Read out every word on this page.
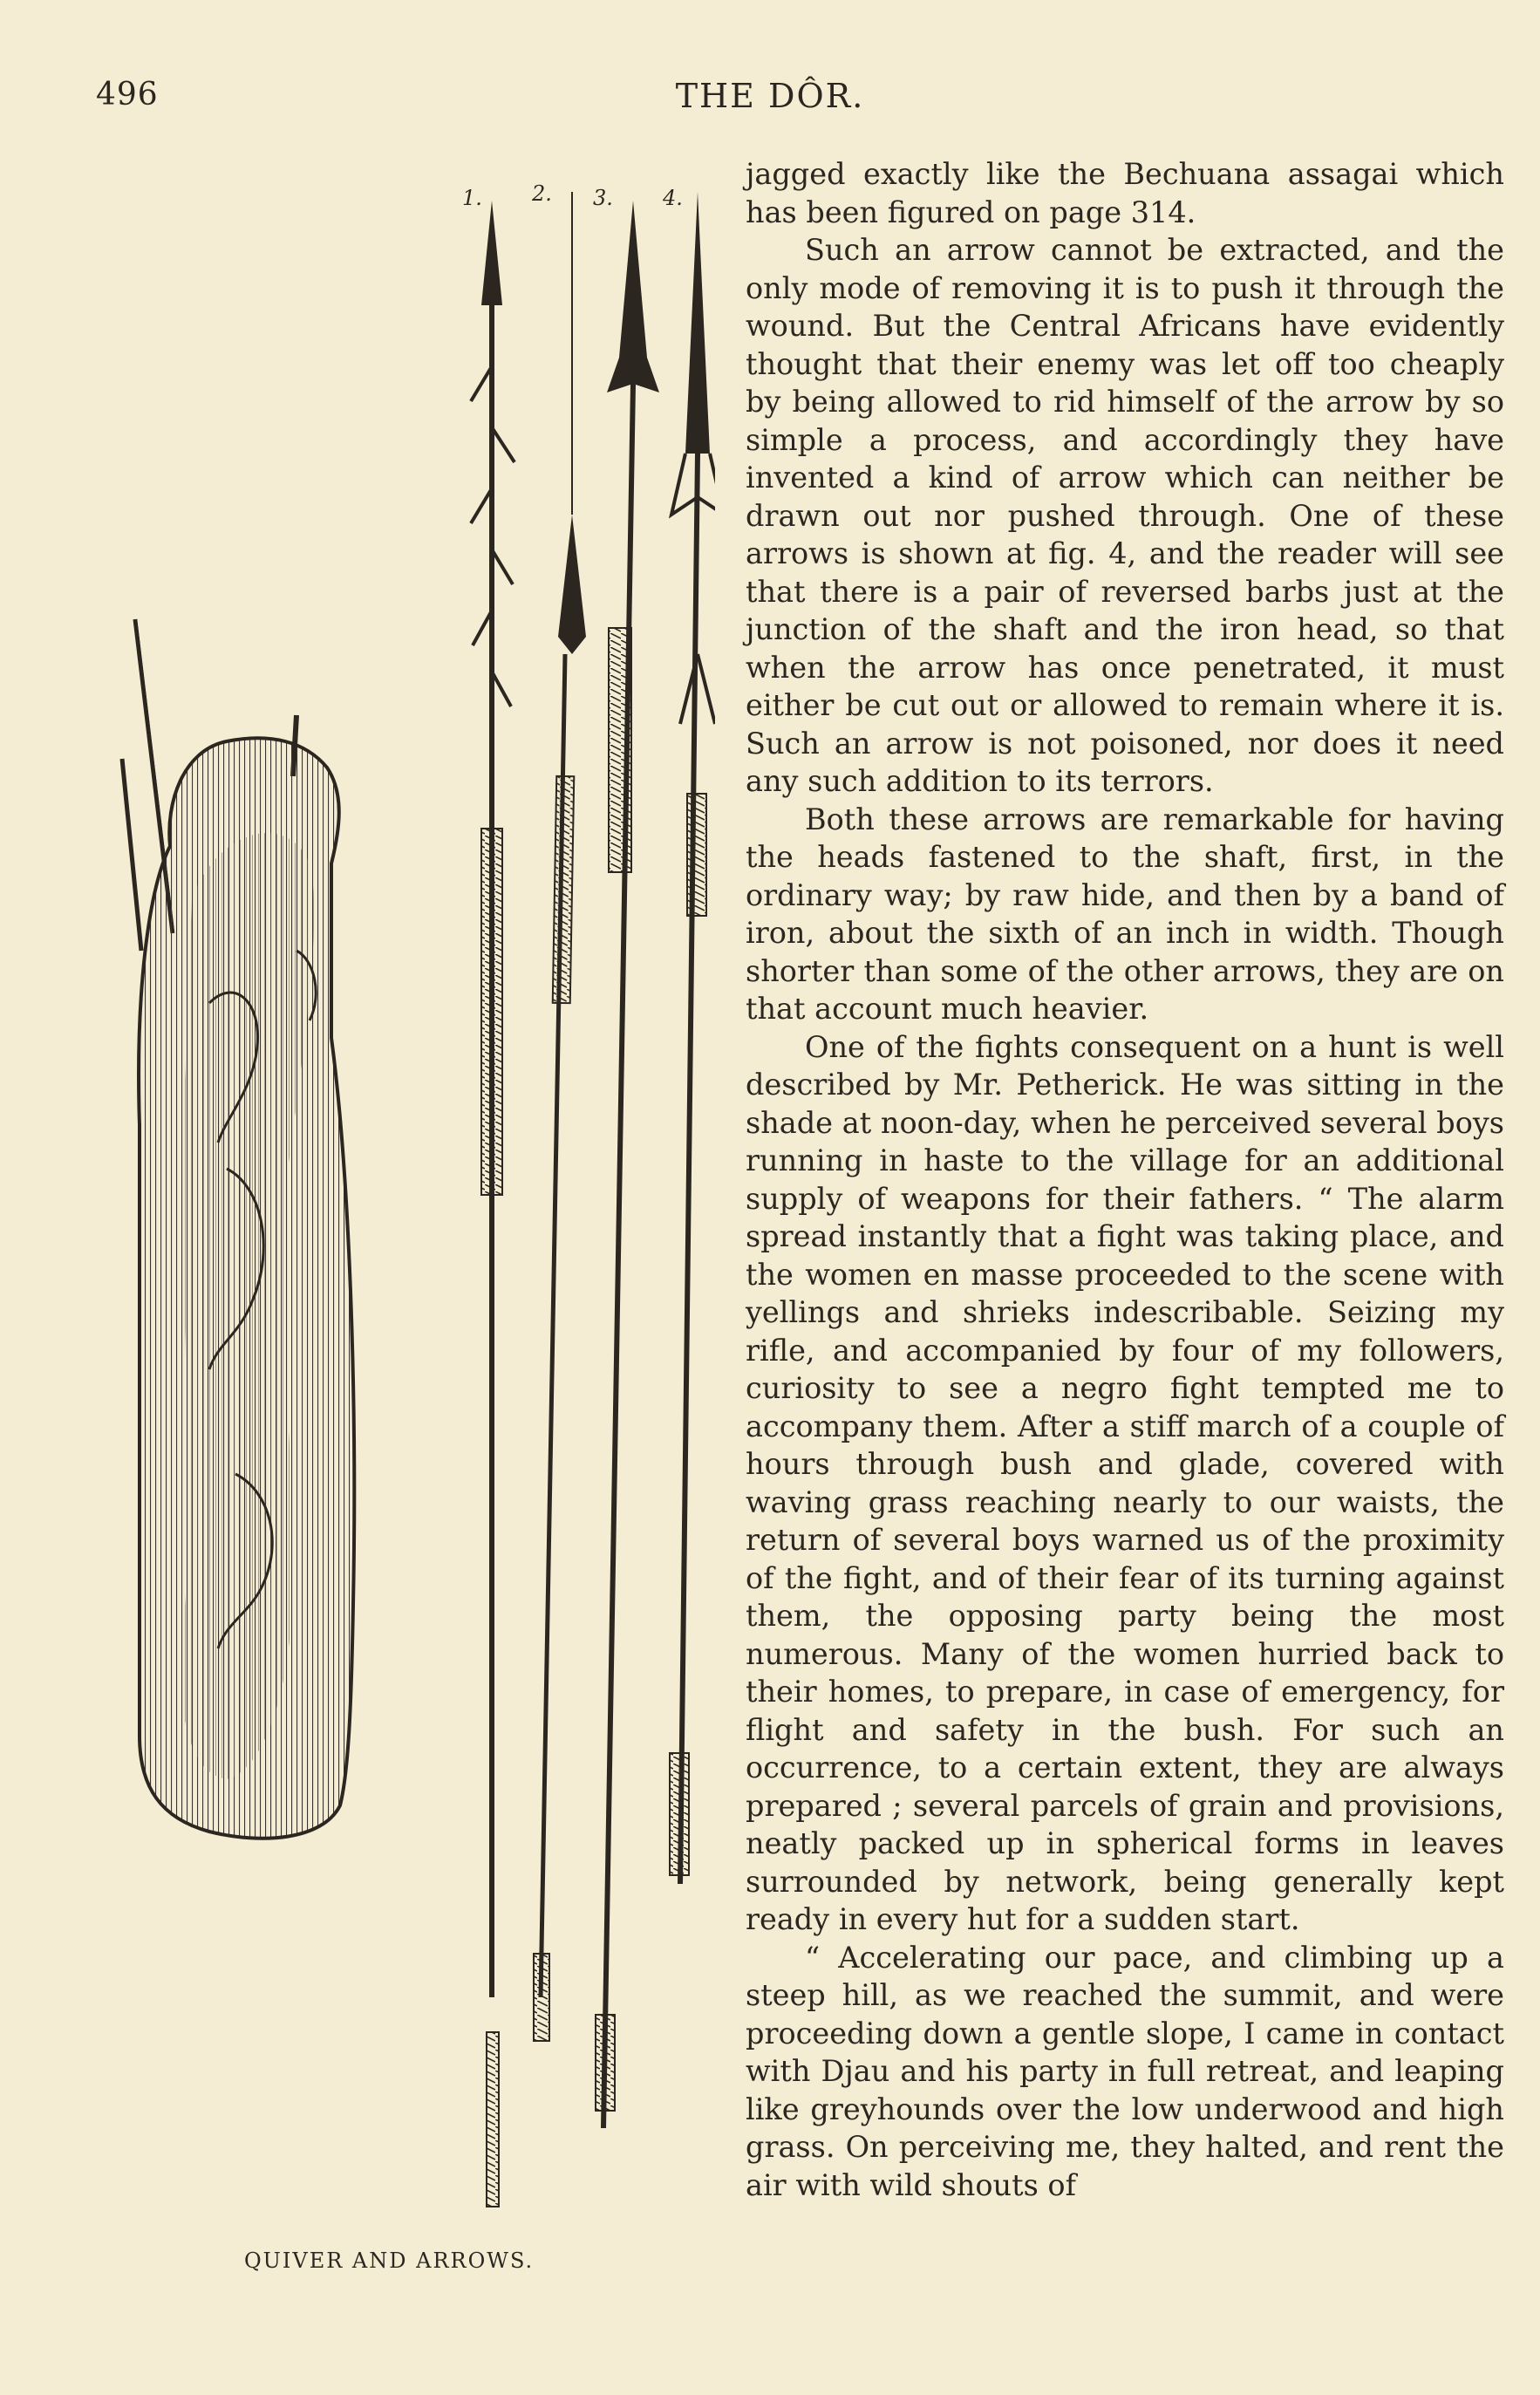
496	THE DÔR.
1. 2. 3. 4.
QUIVER AND ARROWS.

jagged exactly like the Bechuana assagai which has been figured on page 314.

Such an arrow cannot be extracted, and the only mode of removing it is to push it through the wound. But the Central Africans have evidently thought that their enemy was let off too cheaply by being allowed to rid himself of the arrow by so simple a process, and accordingly they have invented a kind of arrow which can neither be drawn out nor pushed through. One of these arrows is shown at fig. 4, and the reader will see that there is a pair of reversed barbs just at the junction of the shaft and the iron head, so that when the arrow has once penetrated, it must either be cut out or allowed to remain where it is. Such an arrow is not poisoned, nor does it need any such addition to its terrors.

Both these arrows are remarkable for having the heads fastened to the shaft, first, in the ordinary way; by raw hide, and then by a band of iron, about the sixth of an inch in width. Though shorter than some of the other arrows, they are on that account much heavier.

One of the fights consequent on a hunt is well described by Mr. Petherick. He was sitting in the shade at noon-day, when he perceived several boys running in haste to the village for an additional supply of weapons for their fathers. “ The alarm spread instantly that a fight was taking place, and the women en masse proceeded to the scene with yellings and shrieks indescribable. Seizing my rifle, and accompanied by four of my followers, curiosity to see a negro fight tempted me to accompany them. After a stiff march of a couple of hours through bush and glade, covered with waving grass reaching nearly to our waists, the return of several boys warned us of the proximity of the fight, and of their fear of its turning against them, the opposing party being the most numerous. Many of the women hurried back to their homes, to prepare, in case of emergency, for flight and safety in the bush. For such an occurrence, to a certain extent, they are always prepared ; several parcels of grain and provisions, neatly packed up in spherical forms in leaves surrounded by network, being generally kept ready in every hut for a sudden start.

“ Accelerating our pace, and climbing up a steep hill, as we reached the summit, and were proceeding down a gentle slope, I came in contact with Djau and his party in full retreat, and leaping like greyhounds over the low underwood and high grass. On perceiving me, they halted, and rent the air with wild shouts of
